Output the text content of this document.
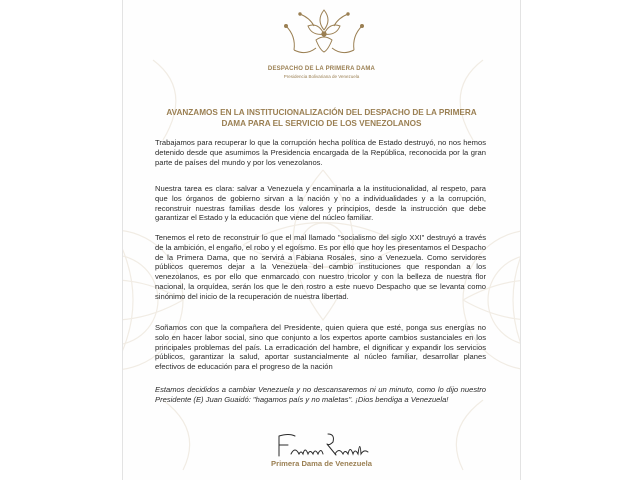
DESPACHO DE LA PRIMERA DAMA
Presidencia Bolivariana de Venezuela
AVANZAMOS EN LA INSTITUCIONALIZACIÓN DEL DESPACHO DE LA PRIMERA DAMA PARA EL SERVICIO DE LOS VENEZOLANOS

Trabajamos para recuperar lo que la corrupción hecha política de Estado destruyó, no nos hemos detenido desde que asumimos la Presidencia encargada de la República, reconocida por la gran parte de países del mundo y por los venezolanos.

Nuestra tarea es clara: salvar a Venezuela y encaminarla a la institucionalidad, al respeto, para que los órganos de gobierno sirvan a la nación y no a individualidades y a la corrupción, reconstruir nuestras familias desde los valores y principios, desde la instrucción que debe garantizar el Estado y la educación que viene del núcleo familiar.

Tenemos el reto de reconstruir lo que el mal llamado "socialismo del siglo XXI" destruyó a través de la ambición, el engaño, el robo y el egoísmo. Es por ello que hoy les presentamos el Despacho de la Primera Dama, que no servirá a Fabiana Rosales, sino a Venezuela. Como servidores públicos queremos dejar a la Venezuela del cambio instituciones que respondan a los venezolanos, es por ello que enmarcado con nuestro tricolor y con la belleza de nuestra flor nacional, la orquídea, serán los que le den rostro a este nuevo Despacho que se levanta como sinónimo del inicio de la recuperación de nuestra libertad.

Soñamos con que la compañera del Presidente, quien quiera que esté, ponga sus energías no solo en hacer labor social, sino que conjunto a los expertos aporte cambios sustanciales en los principales problemas del país. La erradicación del hambre, el dignificar y expandir los servicios públicos, garantizar la salud, aportar sustancialmente al núcleo familiar, desarrollar planes efectivos de educación para el progreso de la nación

Estamos decididos a cambiar Venezuela y no descansaremos ni un minuto, como lo dijo nuestro Presidente (E) Juan Guaidó: "hagamos país y no maletas". ¡Dios bendiga a Venezuela!

Primera Dama de Venezuela
